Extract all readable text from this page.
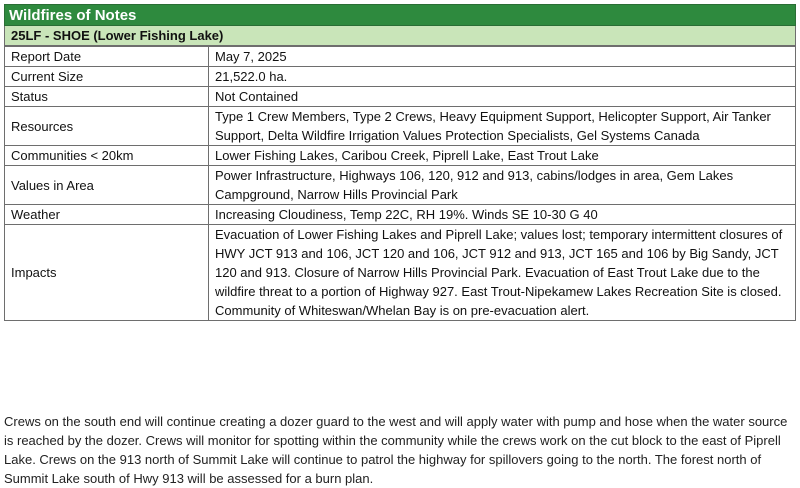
Wildfires of Notes
25LF - SHOE (Lower Fishing Lake)
Report Date	May 7, 2025
Current Size	21,522.0 ha.
Status	Not Contained
Resources	Type 1 Crew Members, Type 2 Crews, Heavy Equipment Support, Helicopter Support, Air Tanker Support, Delta Wildfire Irrigation Values Protection Specialists, Gel Systems Canada
Communities < 20km	Lower Fishing Lakes, Caribou Creek, Piprell Lake, East Trout Lake
Values in Area	Power Infrastructure, Highways 106, 120, 912 and 913, cabins/lodges in area, Gem Lakes Campground, Narrow Hills Provincial Park
Weather	Increasing Cloudiness, Temp 22C, RH 19%. Winds SE 10-30 G 40
Impacts	Evacuation of Lower Fishing Lakes and Piprell Lake; values lost; temporary intermittent closures of HWY JCT 913 and 106, JCT 120 and 106, JCT 912 and 913, JCT 165 and 106 by Big Sandy, JCT 120 and 913. Closure of Narrow Hills Provincial Park. Evacuation of East Trout Lake due to the wildfire threat to a portion of Highway 927. East Trout-Nipekamew Lakes Recreation Site is closed. Community of Whiteswan/Whelan Bay is on pre-evacuation alert.

Crews on the south end will continue creating a dozer guard to the west and will apply water with pump and hose when the water source is reached by the dozer. Crews will monitor for spotting within the community while the crews work on the cut block to the east of Piprell Lake. Crews on the 913 north of Summit Lake will continue to patrol the highway for spillovers going to the north. The forest north of Summit Lake south of Hwy 913 will be assessed for a burn plan.
